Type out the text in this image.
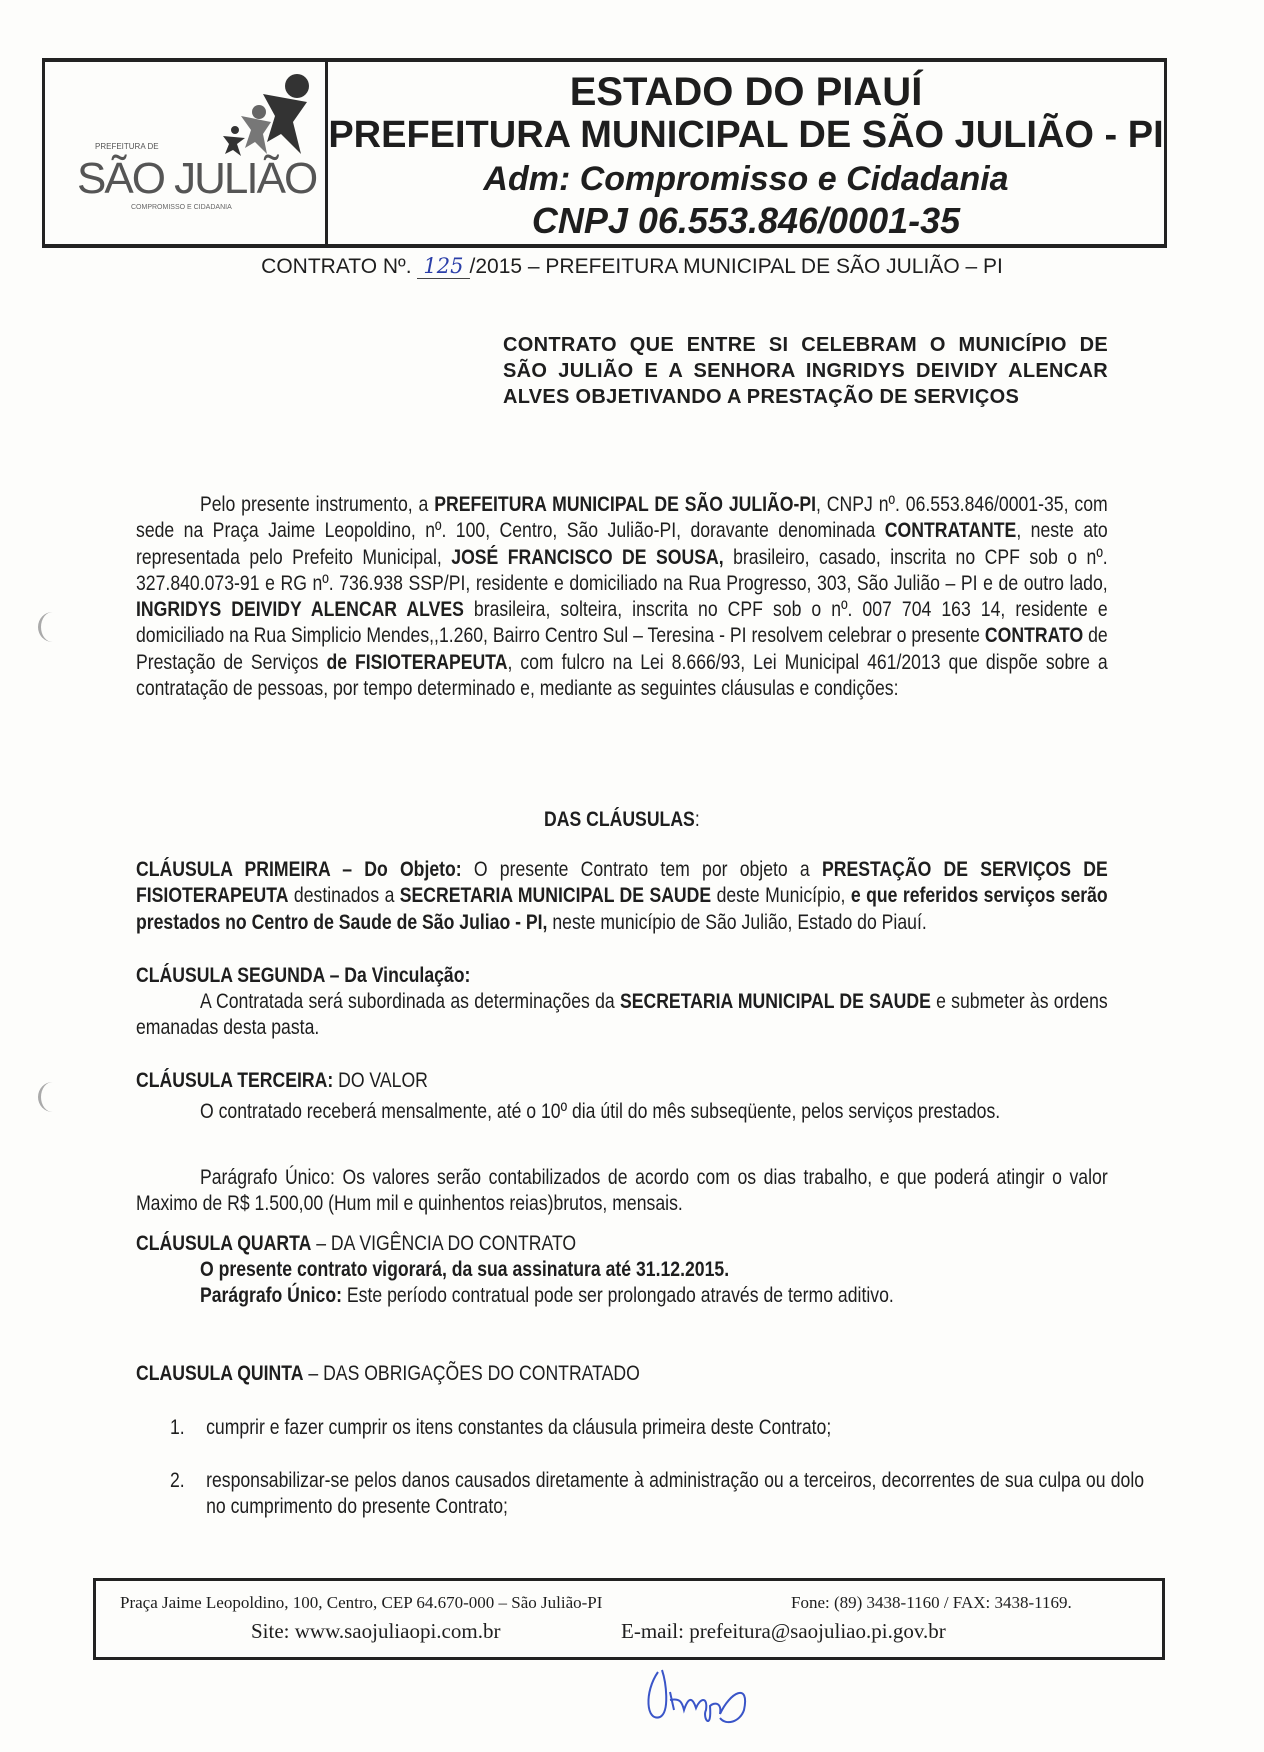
PREFEITURA DE
SÃO JULIÃO
COMPROMISSO E CIDADANIA
ESTADO DO PIAUÍ
PREFEITURA MUNICIPAL DE SÃO JULIÃO - PI
Adm: Compromisso e Cidadania
CNPJ 06.553.846/0001-35
CONTRATO Nº. 125 /2015 – PREFEITURA MUNICIPAL DE SÃO JULIÃO – PI
CONTRATO QUE ENTRE SI CELEBRAM O MUNICÍPIO DE SÃO JULIÃO E A SENHORA INGRIDYS DEIVIDY ALENCAR ALVES OBJETIVANDO A PRESTAÇÃO DE SERVIÇOS
Pelo presente instrumento, a PREFEITURA MUNICIPAL DE SÃO JULIÃO-PI, CNPJ nº. 06.553.846/0001-35, com sede na Praça Jaime Leopoldino, nº. 100, Centro, São Julião-PI, doravante denominada CONTRATANTE, neste ato representada pelo Prefeito Municipal, JOSÉ FRANCISCO DE SOUSA, brasileiro, casado, inscrita no CPF sob o nº. 327.840.073-91 e RG nº. 736.938 SSP/PI, residente e domiciliado na Rua Progresso, 303, São Julião – PI e de outro lado, INGRIDYS DEIVIDY ALENCAR ALVES brasileira, solteira, inscrita no CPF sob o nº. 007 704 163 14, residente e domiciliado na Rua Simplicio Mendes,,1.260, Bairro Centro Sul – Teresina - PI resolvem celebrar o presente CONTRATO de Prestação de Serviços de FISIOTERAPEUTA, com fulcro na Lei 8.666/93, Lei Municipal 461/2013 que dispõe sobre a contratação de pessoas, por tempo determinado e, mediante as seguintes cláusulas e condições:
DAS CLÁUSULAS:
CLÁUSULA PRIMEIRA – Do Objeto: O presente Contrato tem por objeto a PRESTAÇÃO DE SERVIÇOS DE FISIOTERAPEUTA destinados a SECRETARIA MUNICIPAL DE SAUDE deste Município, e que referidos serviços serão prestados no Centro de Saude de São Juliao - PI, neste município de São Julião, Estado do Piauí.
CLÁUSULA SEGUNDA – Da Vinculação:
A Contratada será subordinada as determinações da SECRETARIA MUNICIPAL DE SAUDE e submeter às ordens emanadas desta pasta.
CLÁUSULA TERCEIRA: DO VALOR
O contratado receberá mensalmente, até o 10º dia útil do mês subseqüente, pelos serviços prestados.
Parágrafo Único: Os valores serão contabilizados de acordo com os dias trabalho, e que poderá atingir o valor Maximo de R$ 1.500,00 (Hum mil e quinhentos reias)brutos, mensais.
CLÁUSULA QUARTA – DA VIGÊNCIA DO CONTRATO
O presente contrato vigorará, da sua assinatura até 31.12.2015.
Parágrafo Único: Este período contratual pode ser prolongado através de termo aditivo.
CLAUSULA QUINTA – DAS OBRIGAÇÕES DO CONTRATADO
1. cumprir e fazer cumprir os itens constantes da cláusula primeira deste Contrato;
2. responsabilizar-se pelos danos causados diretamente à administração ou a terceiros, decorrentes de sua culpa ou dolo no cumprimento do presente Contrato;
Praça Jaime Leopoldino, 100, Centro, CEP 64.670-000 – São Julião-PI	Fone: (89) 3438-1160 / FAX: 3438-1169.
Site: www.saojuliaopi.com.br	E-mail: prefeitura@saojuliao.pi.gov.br
